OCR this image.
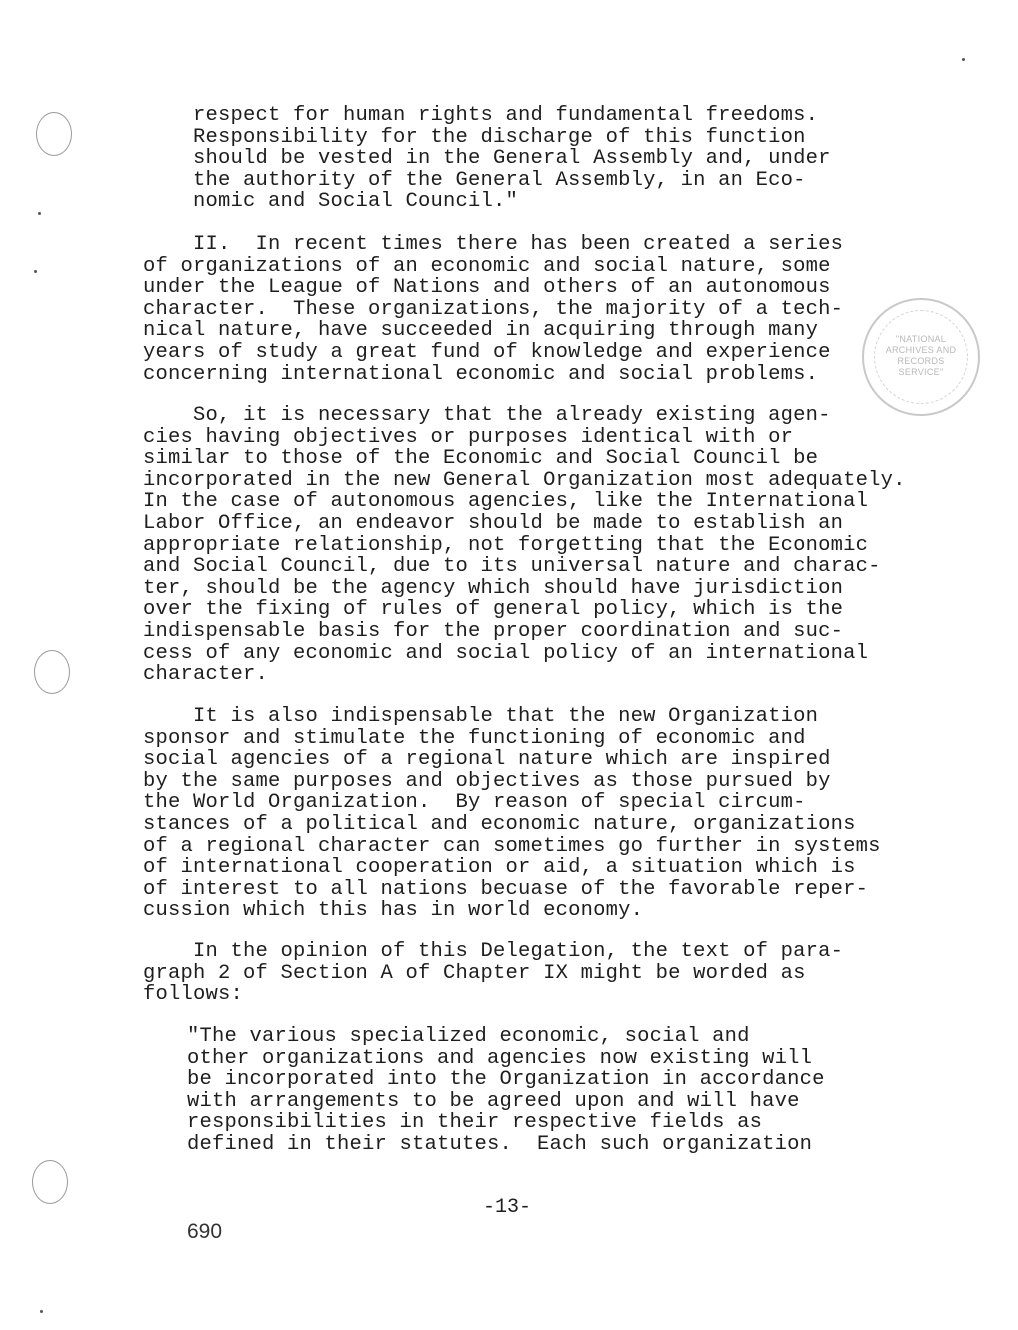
"NATIONAL
ARCHIVES AND
RECORDS
SERVICE"
respect for human rights and fundamental freedoms.
Responsibility for the discharge of this function
should be vested in the General Assembly and, under
the authority of the General Assembly, in an Eco-
nomic and Social Council."
II.  In recent times there has been created a series
of organizations of an economic and social nature, some
under the League of Nations and others of an autonomous
character.  These organizations, the majority of a tech-
nical nature, have succeeded in acquiring through many
years of study a great fund of knowledge and experience
concerning international economic and social problems.
So, it is necessary that the already existing agen-
cies having objectives or purposes identical with or
similar to those of the Economic and Social Council be
incorporated in the new General Organization most adequately.
In the case of autonomous agencies, like the International
Labor Office, an endeavor should be made to establish an
appropriate relationship, not forgetting that the Economic
and Social Council, due to its universal nature and charac-
ter, should be the agency which should have jurisdiction
over the fixing of rules of general policy, which is the
indispensable basis for the proper coordination and suc-
cess of any economic and social policy of an international
character.
It is also indispensable that the new Organization
sponsor and stimulate the functioning of economic and
social agencies of a regional nature which are inspired
by the same purposes and objectives as those pursued by
the World Organization.  By reason of special circum-
stances of a political and economic nature, organizations
of a regional character can sometimes go further in systems
of international cooperation or aid, a situation which is
of interest to all nations becuase of the favorable reper-
cussion which this has in world economy.
In the opinion of this Delegation, the text of para-
graph 2 of Section A of Chapter IX might be worded as
follows:
"The various specialized economic, social and
other organizations and agencies now existing will
be incorporated into the Organization in accordance
with arrangements to be agreed upon and will have
responsibilities in their respective fields as
defined in their statutes.  Each such organization
-13-
690
